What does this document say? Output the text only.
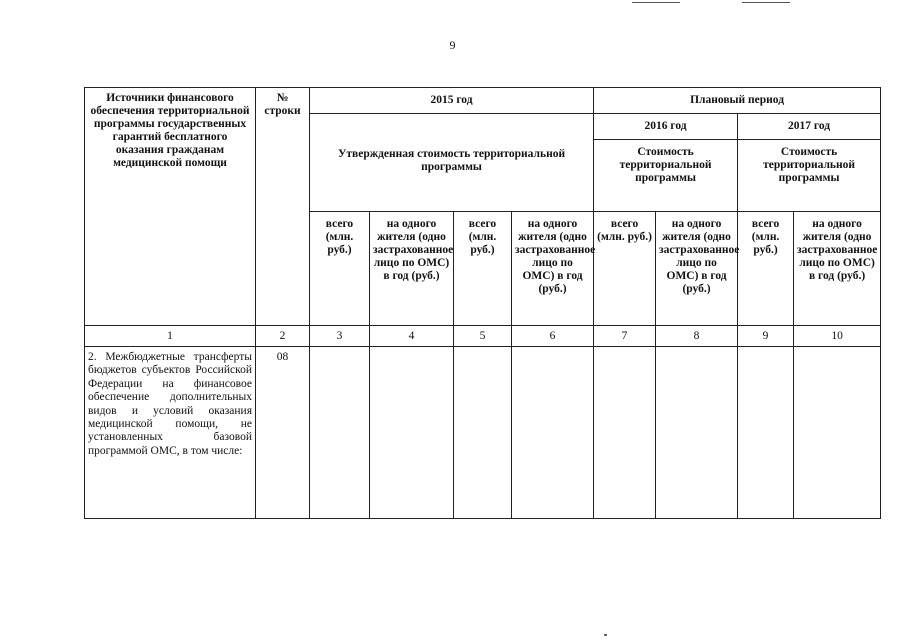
9
Источники финансового обеспечения территориальной программы государственных гарантий бесплатного оказания гражданам медицинской помощи	№ строки	2015 год				Плановый период			
		Утвержденная стоимость территориальной программы				2016 год		2017 год	
						Стоимость территориальной программы		Стоимость территориальной программы	
		всего (млн. руб.)	на одного жителя (одно застрахованное лицо по ОМС) в год (руб.)	всего (млн. руб.)	на одного жителя (одно застрахованное лицо по ОМС) в год (руб.)	всего (млн. руб.)	на одного жителя (одно застрахованное лицо по ОМС) в год (руб.)	всего (млн. руб.)	на одного жителя (одно застрахованное лицо по ОМС) в год (руб.)
1	2	3	4	5	6	7	8	9	10
2. Межбюджетные трансферты бюджетов субъектов Российской Федерации на финансовое обеспечение дополнительных видов и условий оказания медицинской помощи, не установленных базовой программой ОМС, в том числе:	08								
